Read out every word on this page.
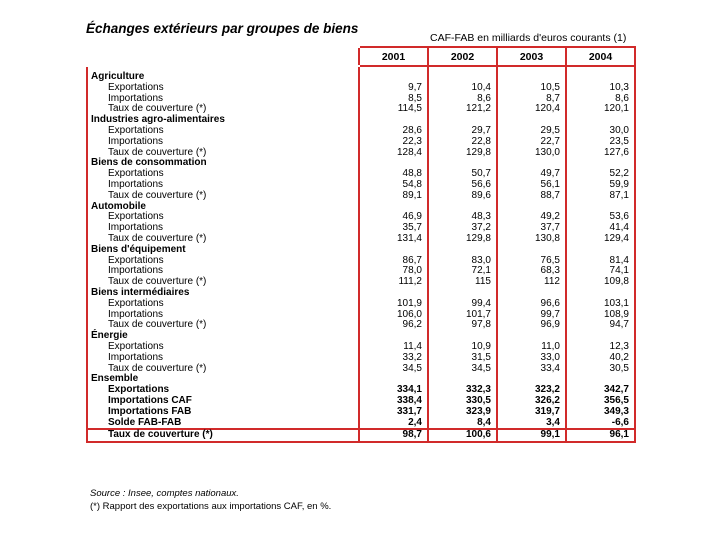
Échanges extérieurs par groupes de biens
CAF-FAB en milliards d'euros courants (1)
	2001	2002	2003	2004

Agriculture				
Exportations	9,7	10,4	10,5	10,3
Importations	8,5	8,6	8,7	8,6
Taux de couverture (*)	114,5	121,2	120,4	120,1
Industries agro-alimentaires				
Exportations	28,6	29,7	29,5	30,0
Importations	22,3	22,8	22,7	23,5
Taux de couverture (*)	128,4	129,8	130,0	127,6
Biens de consommation				
Exportations	48,8	50,7	49,7	52,2
Importations	54,8	56,6	56,1	59,9
Taux de couverture (*)	89,1	89,6	88,7	87,1
Automobile				
Exportations	46,9	48,3	49,2	53,6
Importations	35,7	37,2	37,7	41,4
Taux de couverture (*)	131,4	129,8	130,8	129,4
Biens d'équipement				
Exportations	86,7	83,0	76,5	81,4
Importations	78,0	72,1	68,3	74,1
Taux de couverture (*)	111,2	115	112	109,8
Biens intermédiaires				
Exportations	101,9	99,4	96,6	103,1
Importations	106,0	101,7	99,7	108,9
Taux de couverture (*)	96,2	97,8	96,9	94,7
Énergie				
Exportations	11,4	10,9	11,0	12,3
Importations	33,2	31,5	33,0	40,2
Taux de couverture (*)	34,5	34,5	33,4	30,5
Ensemble				
Exportations	334,1	332,3	323,2	342,7
Importations CAF	338,4	330,5	326,2	356,5
Importations FAB	331,7	323,9	319,7	349,3
Solde FAB-FAB	2,4	8,4	3,4	-6,6
Taux de couverture (*)	98,7	100,6	99,1	96,1
Source : Insee, comptes nationaux.
(*) Rapport des exportations aux importations CAF, en %.
